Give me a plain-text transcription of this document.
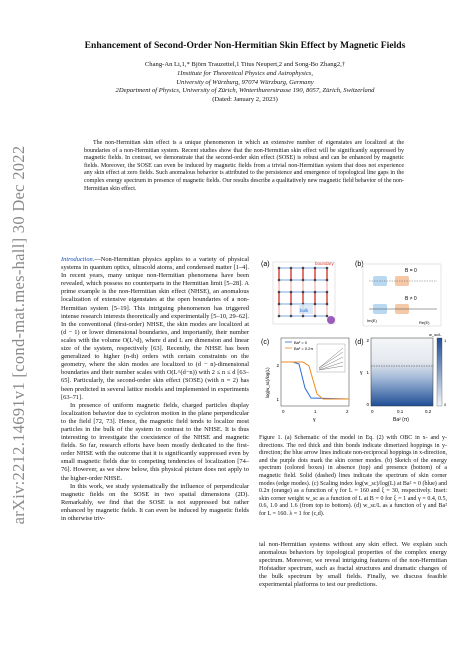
arXiv:2212.14691v1 [cond-mat.mes-hall] 30 Dec 2022
Enhancement of Second-Order Non-Hermitian Skin Effect by Magnetic Fields
Chang-An Li,1,* Björn Trauzettel,1 Titus Neupert,2 and Song-Bo Zhang2,†
1Institute for Theoretical Physics and Astrophysics,
University of Würzburg, 97074 Würzburg, Germany
2Department of Physics, University of Zürich, Winterthurerstrasse 190, 8057, Zürich, Switzerland
(Dated: January 2, 2023)
The non-Hermitian skin effect is a unique phenomenon in which an extensive number of eigenstates are localized at the boundaries of a non-Hermitian system. Recent studies show that the non-Hermitian skin effect will be significantly suppressed by magnetic fields. In contrast, we demonstrate that the second-order skin effect (SOSE) is robust and can be enhanced by magnetic fields. Moreover, the SOSE can even be induced by magnetic fields from a trivial non-Hermitian system that does not experience any skin effect at zero fields. Such anomalous behavior is attributed to the persistence and emergence of topological line gaps in the complex energy spectrum in presence of magnetic fields. Our results describe a qualitatively new magnetic field behavior of the non-Hermitian skin effect.

Introduction.—Non-Hermitian physics applies to a variety of physical systems in quantum optics, ultracold atoms, and condensed matter [1–4]. In recent years, many unique non-Hermitian phenomena have been revealed, which possess no counterparts in the Hermitian limit [5–28]. A prime example is the non-Hermitian skin effect (NHSE), an anomalous localization of extensive eigenstates at the open boundaries of a non-Hermitian system [5–19]. This intriguing phenomenon has triggered intense research interests theoretically and experimentally [5–10, 29–62]. In the conventional (first-order) NHSE, the skin modes are localized at (d − 1) or lower dimensional boundaries, and importantly, their number scales with the volume O(L^d), where d and L are dimension and linear size of the system, respectively [63]. Recently, the NHSE has been generalized to higher (n-th) orders with certain constraints on the geometry, where the skin modes are localized to (d − n)-dimensional boundaries and their number scales with O(L^(d−n)) with 2 ≤ n ≤ d [63–65]. Particularly, the second-order skin effect (SOSE) (with n = 2) has been predicted in several lattice models and implemented in experiments [63–71].

In presence of uniform magnetic fields, charged particles display localization behavior due to cyclotron motion in the plane perpendicular to the field [72, 73]. Hence, the magnetic field tends to localize most particles in the bulk of the system in contrast to the NHSE. It is thus interesting to investigate the coexistence of the NHSE and magnetic fields. So far, research efforts have been mostly dedicated to the first-order NHSE with the outcome that it is significantly suppressed even by small magnetic fields due to competing tendencies of localization [74–76]. However, as we show below, this physical picture does not apply to the higher-order NHSE.

In this work, we study systematically the influence of perpendicular magnetic fields on the SOSE in two spatial dimensions (2D). Remarkably, we find that the SOSE is not suppressed but rather enhanced by magnetic fields. It can even be induced by magnetic fields in otherwise triv-

(a)	boundary
bulk
(b)
B = 0
B ≠ 0
Im(E)	Re(E)
(c)	Ba² = 0
Ba² = 0.2π
2
1
0	1	2
γ
log(w_sc)/log(L)
(d)
w_sc/L
1
0
2
1
0
0	0.1	0.2
Ba² (π)
γ
Figure 1. (a) Schematic of the model in Eq. (2) with OBC in x- and y-directions. The red thick and thin bonds indicate dimerized hoppings in y-direction; the blue arrow lines indicate non-reciprocal hoppings in x-direction, and the purple dots mark the skin corner modes. (b) Sketch of the energy spectrum (colored boxes) in absence (top) and presence (bottom) of a magnetic field. Solid (dashed) lines indicate the spectrum of skin corner modes (edge modes). (c) Scaling index log(w_sc)/log(L) at Ba² = 0 (blue) and 0.2π (orange) as a function of γ for L = 160 and ξ = 30, respectively. Inset: skin corner weight w_sc as a function of L at B = 0 for ξ = 1 and γ = 0.4, 0.5, 0.6, 1.0 and 1.6 (from top to bottom). (d) w_sc/L as a function of γ and Ba² for L = 160. λ = 1 for (c,d).

ial non-Hermitian systems without any skin effect. We explain such anomalous behaviors by topological properties of the complex energy spectrum. Moreover, we reveal intriguing features of the non-Hermitian Hofstadter spectrum, such as fractal structures and dramatic changes of the bulk spectrum by small fields. Finally, we discuss feasible experimental platforms to test our predictions.
